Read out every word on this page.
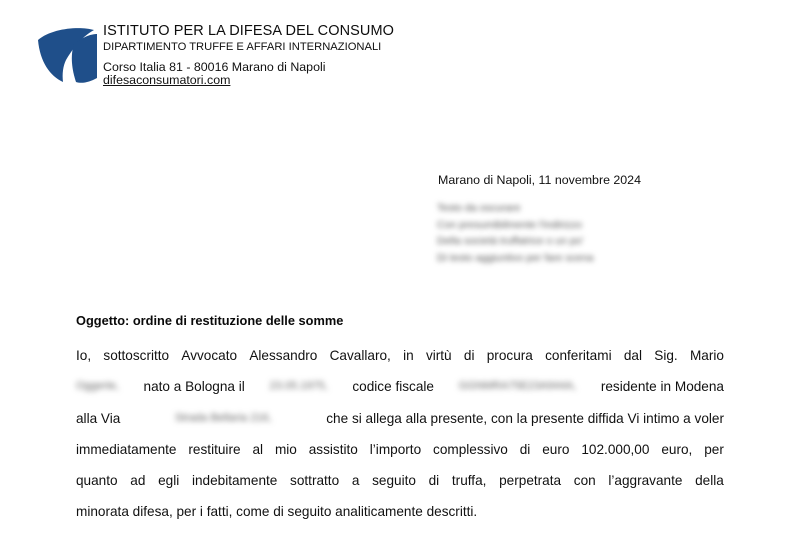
ISTITUTO PER LA DIFESA DEL CONSUMO
DIPARTIMENTO TRUFFE E AFFARI INTERNAZIONALI
Corso Italia 81 - 80016 Marano di Napoli
difesaconsumatori.com
Marano di Napoli, 11 novembre 2024
Testo da oscurare
Con presumibilmente l'indirizzo
Della società truffatrice o un po'
Di testo aggiuntivo per fare scena
Oggetto: ordine di restituzione delle somme
Io, sottoscritto Avvocato Alessandro Cavallaro, in virtù di procura conferitami dal Sig. Mario
Oggerte, nato a Bologna il 23.05.1975, codice fiscale GGNMRA75E23A944A, residente in Modena
alla Via	Strada Bellaria 216,	che si allega alla presente, con la presente diffida Vi intimo a voler
immediatamente restituire al mio assistito l’importo complessivo di euro 102.000,00 euro, per
quanto ad egli indebitamente sottratto a seguito di truffa, perpetrata con l’aggravante della
minorata difesa, per i fatti, come di seguito analiticamente descritti.
